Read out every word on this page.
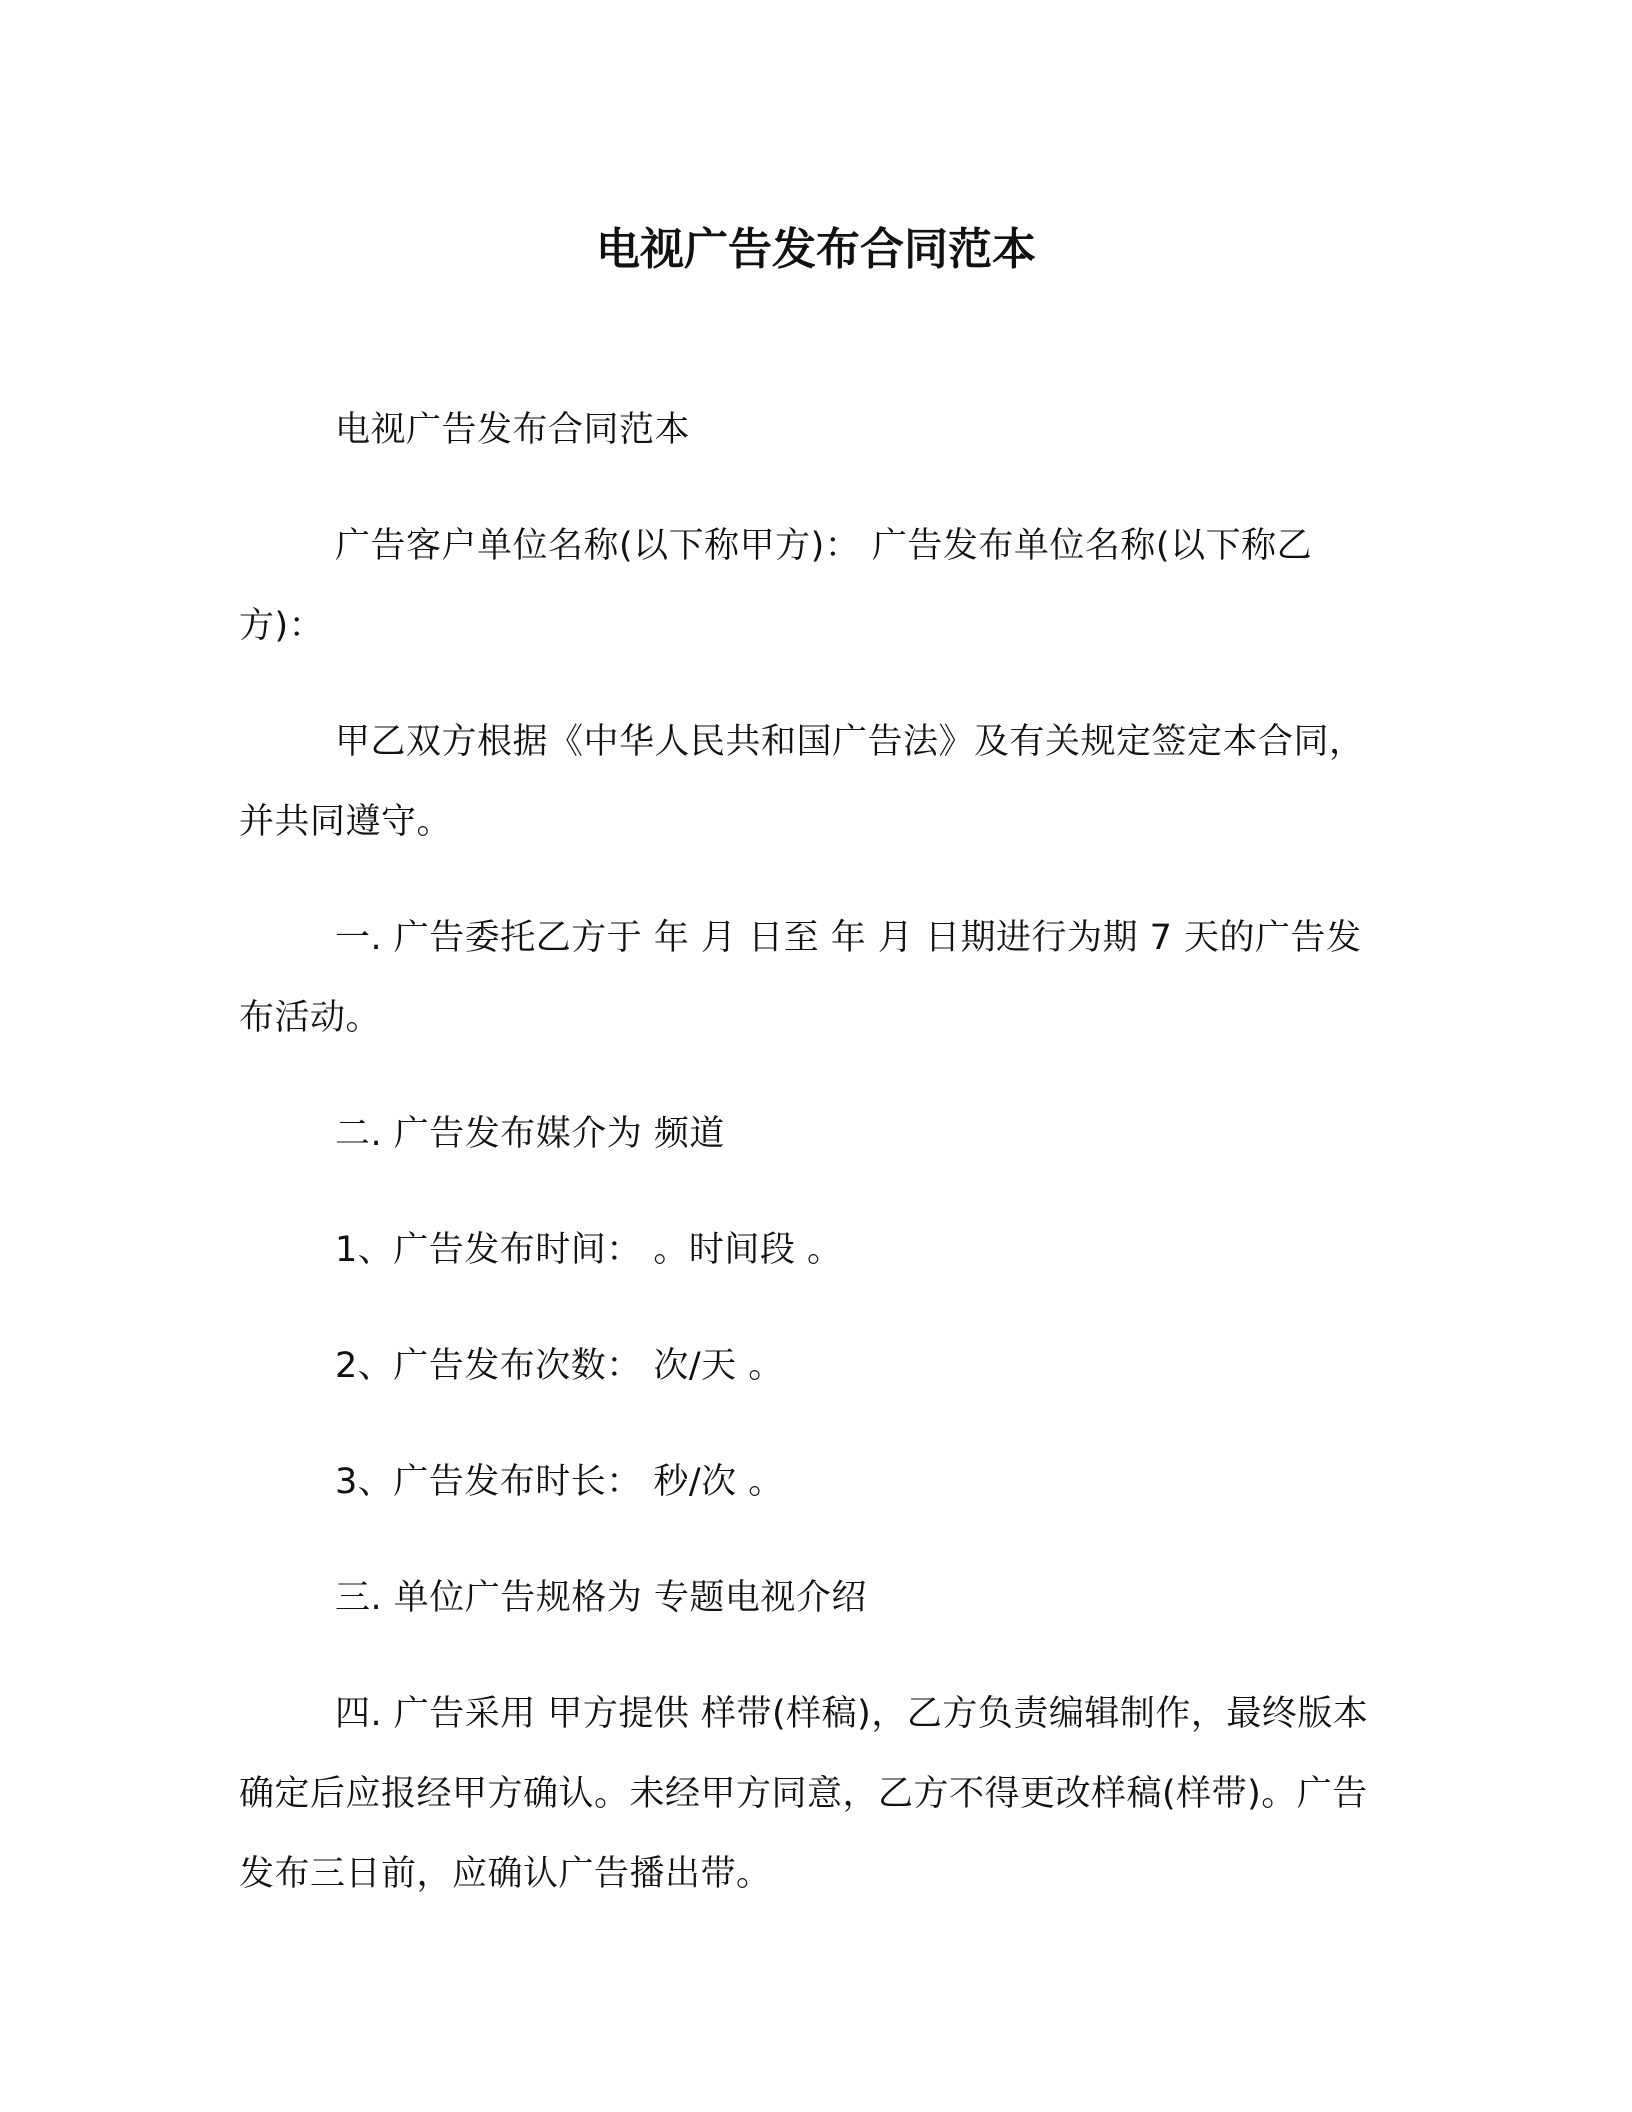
电视广告发布合同范本

电视广告发布合同范本

广告客户单位名称(以下称甲方)： 广告发布单位名称(以下称乙方)：

甲乙双方根据《中华人民共和国广告法》及有关规定签定本合同，并共同遵守。

一. 广告委托乙方于 年 月 日至 年 月 日期进行为期 7 天的广告发布活动。

二. 广告发布媒介为 频道

1、广告发布时间： 。时间段 。

2、广告发布次数： 次/天 。

3、广告发布时长： 秒/次 。

三. 单位广告规格为 专题电视介绍

四. 广告采用 甲方提供 样带(样稿)，乙方负责编辑制作，最终版本确定后应报经甲方确认。未经甲方同意，乙方不得更改样稿(样带)。广告发布三日前，应确认广告播出带。
